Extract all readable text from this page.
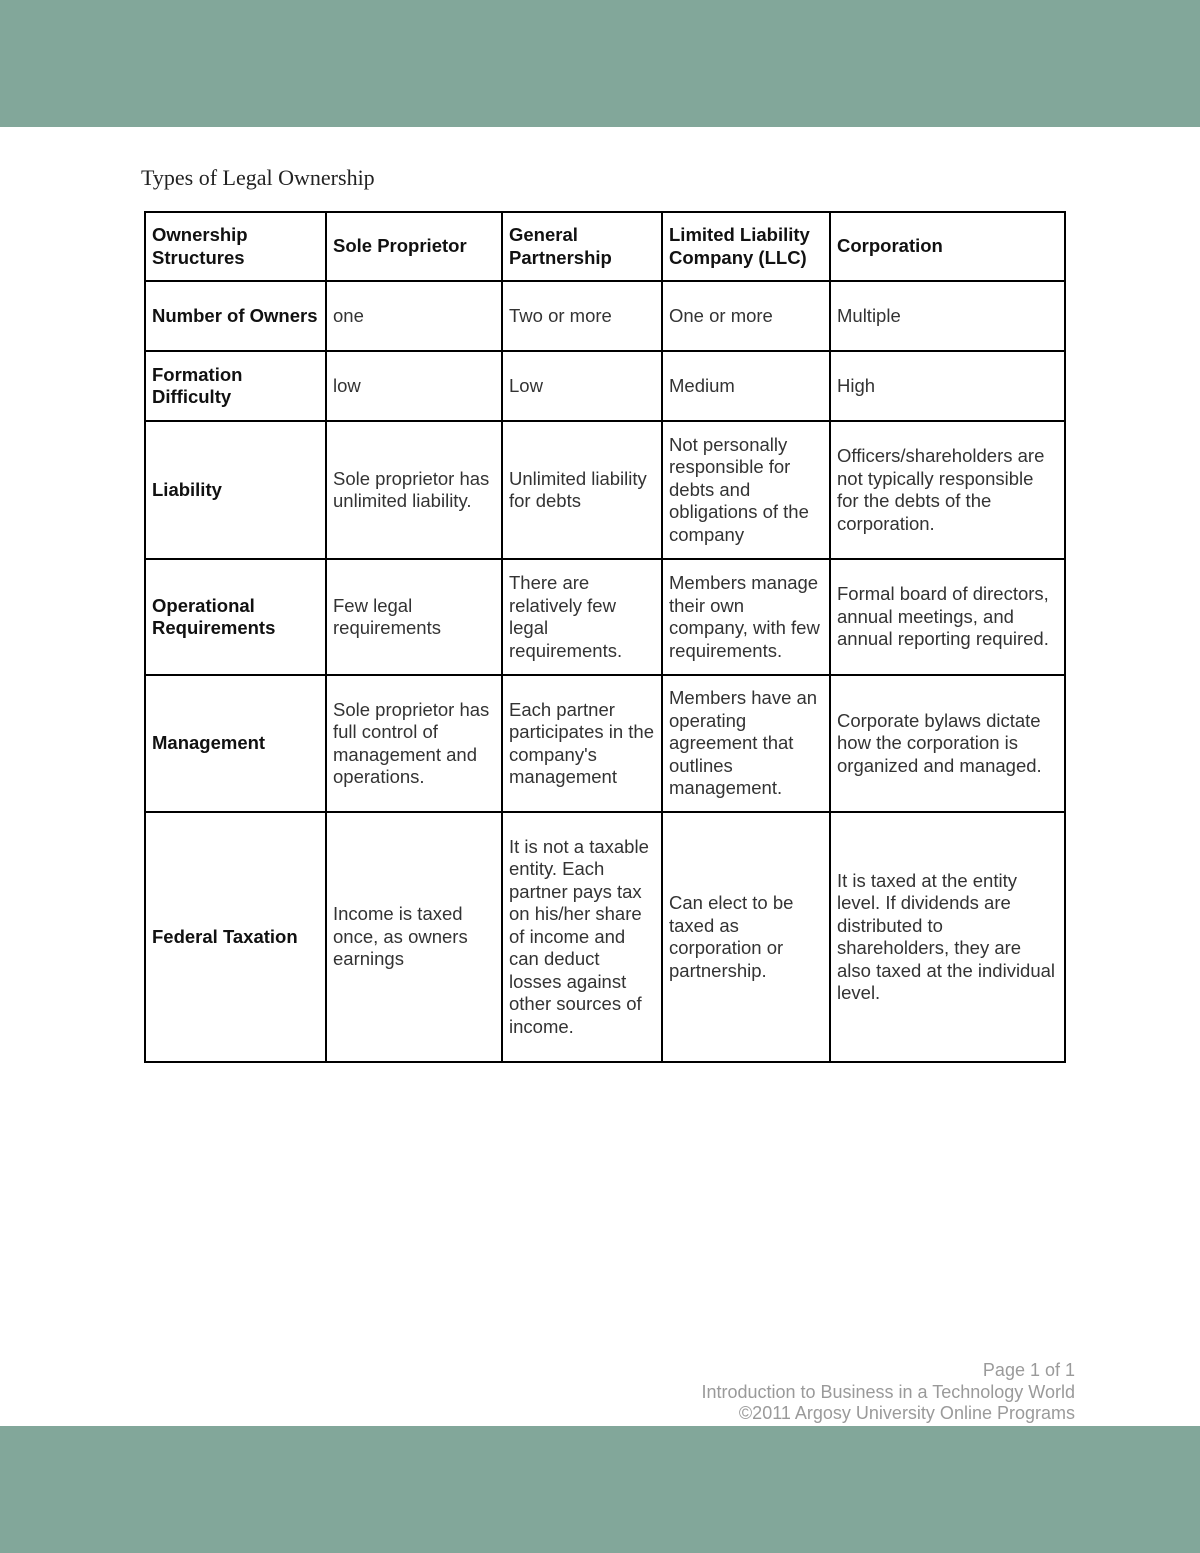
Types of Legal Ownership
Ownership Structures	Sole Proprietor	General Partnership	Limited Liability Company (LLC)	Corporation
Number of Owners	one	Two or more	One or more	Multiple
Formation Difficulty	low	Low	Medium	High
Liability	Sole proprietor has unlimited liability.	Unlimited liability for debts	Not personally responsible for debts and obligations of the company	Officers/shareholders are not typically responsible for the debts of the corporation.
Operational Requirements	Few legal requirements	There are relatively few legal requirements.	Members manage their own company, with few requirements.	Formal board of directors, annual meetings, and annual reporting required.
Management	Sole proprietor has full control of management and operations.	Each partner participates in the company's management	Members have an operating agreement that outlines management.	Corporate bylaws dictate how the corporation is organized and managed.
Federal Taxation	Income is taxed once, as owners earnings	It is not a taxable entity. Each partner pays tax on his/her share of income and can deduct losses against other sources of income.	Can elect to be taxed as corporation or partnership.	It is taxed at the entity level. If dividends are distributed to shareholders, they are also taxed at the individual level.
Page 1 of 1
Introduction to Business in a Technology World
©2011 Argosy University Online Programs
